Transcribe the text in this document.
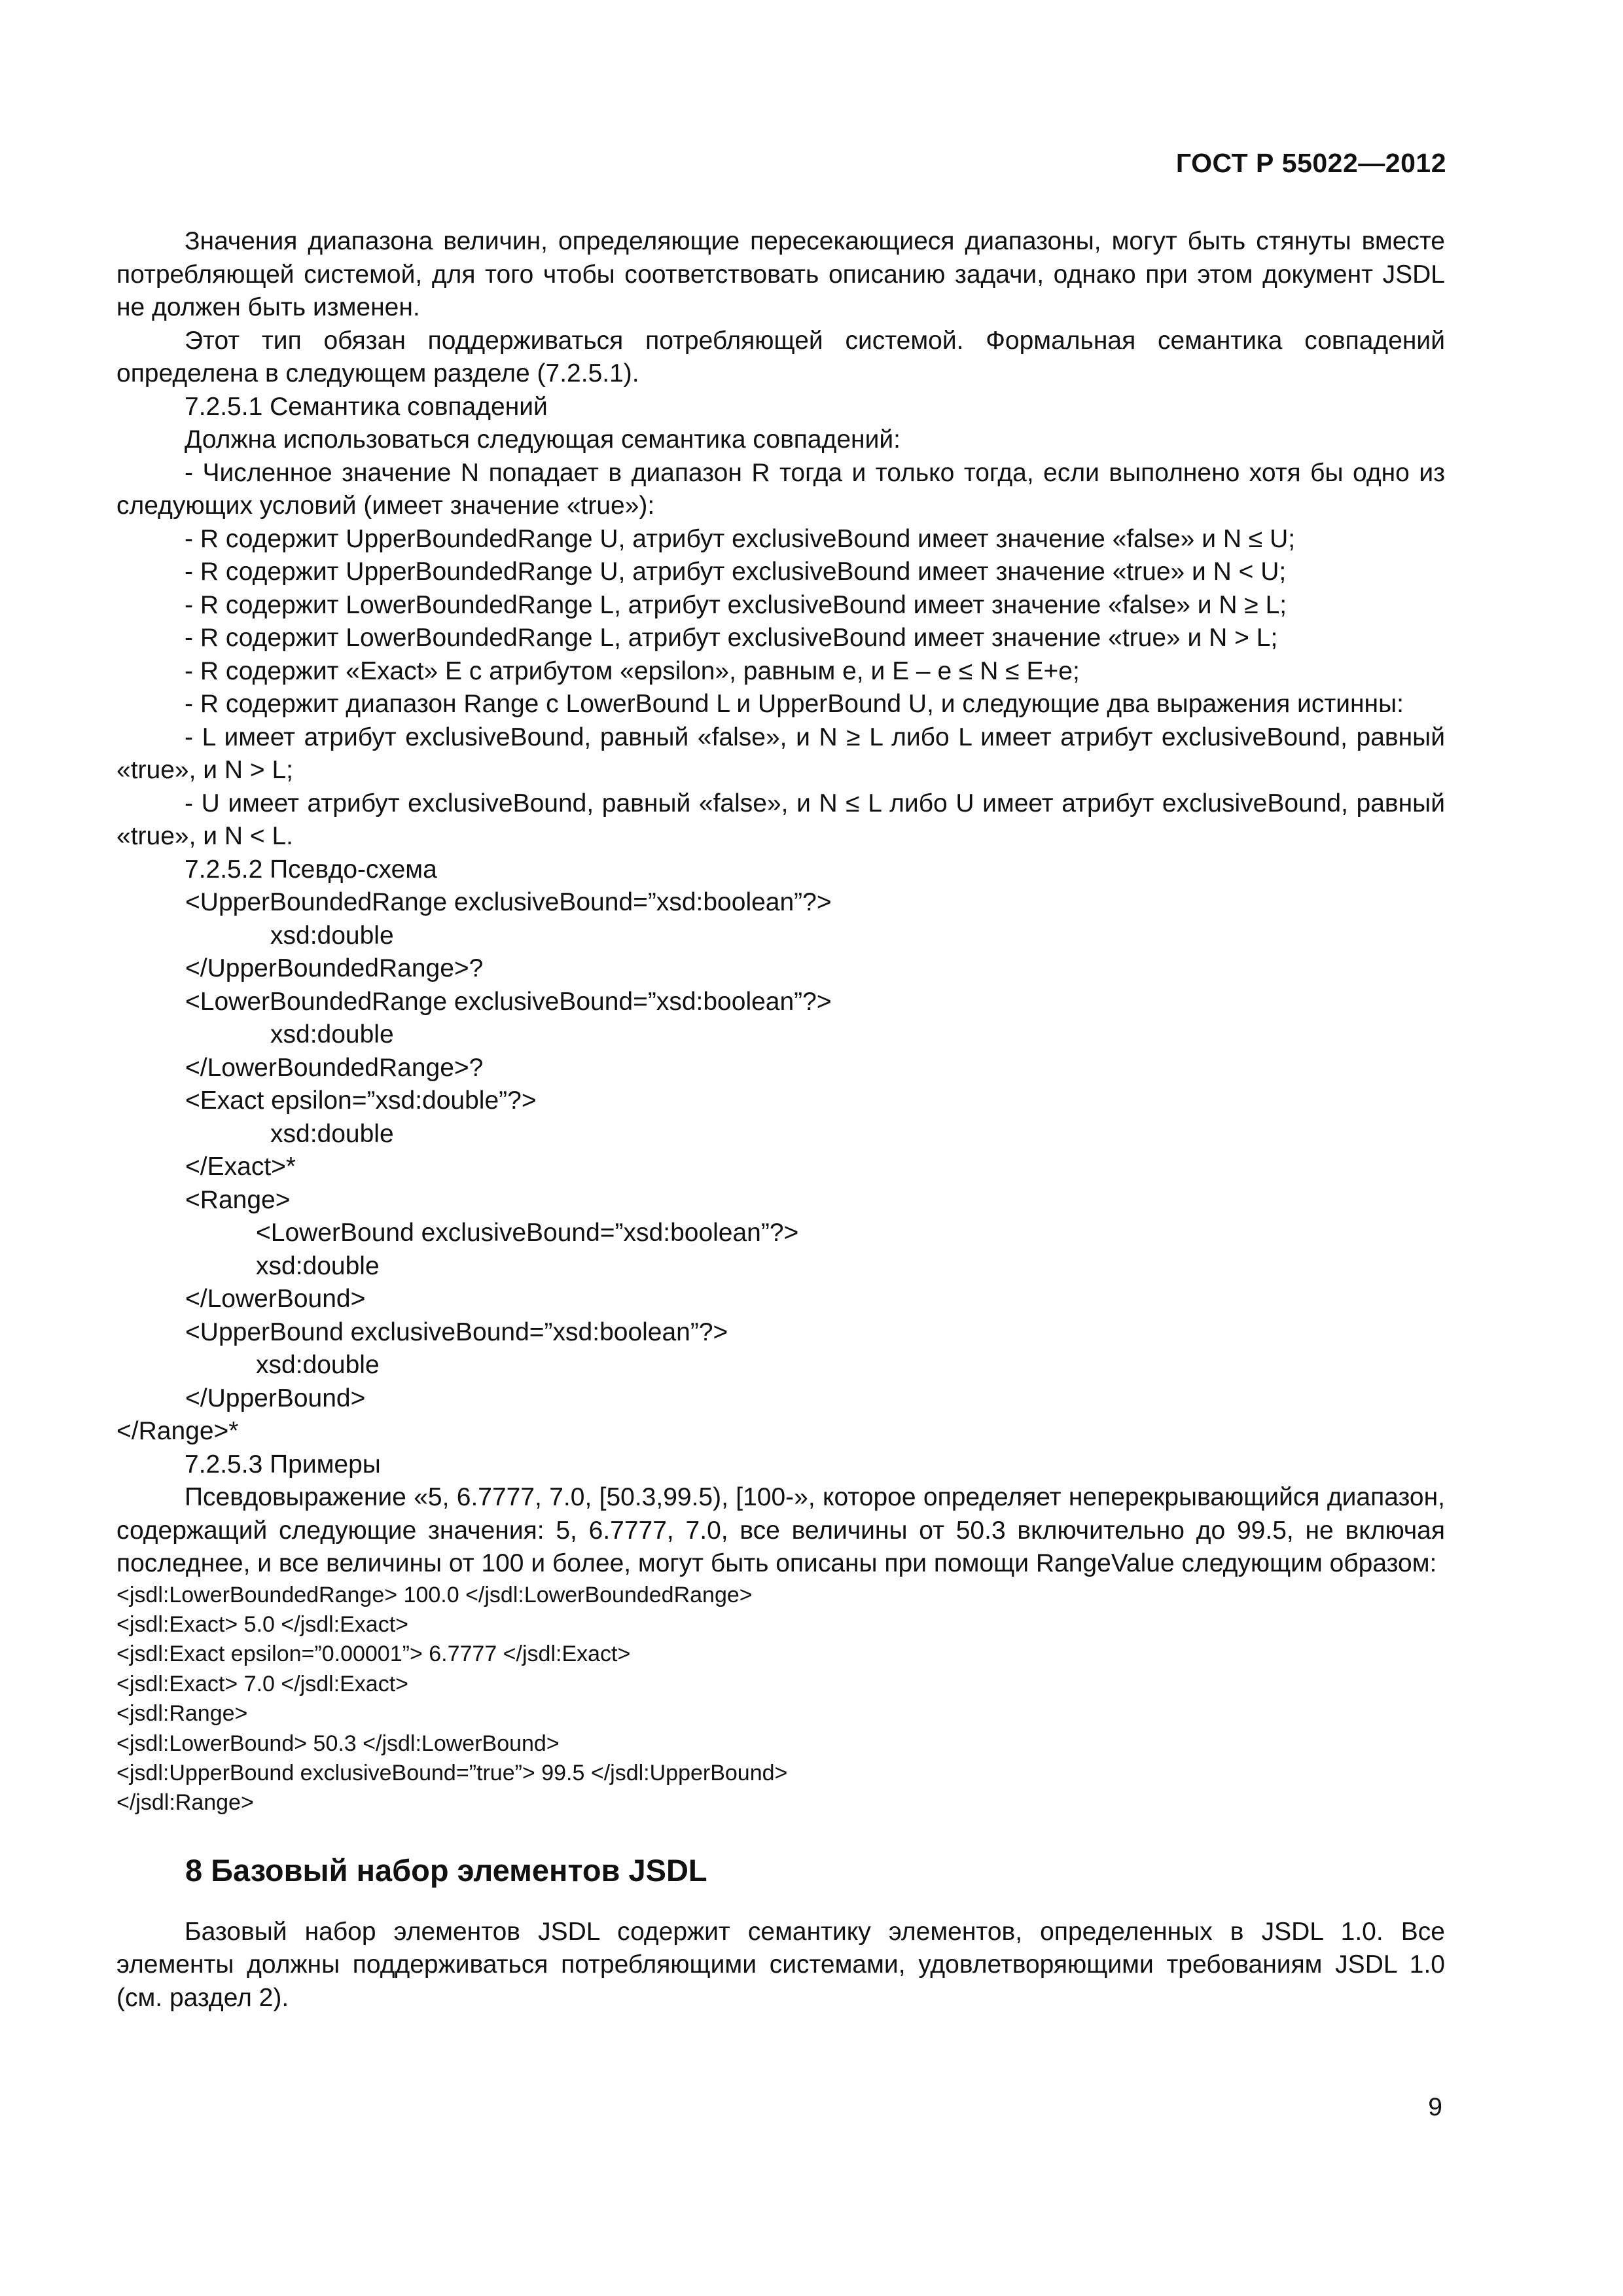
ГОСТ Р 55022—2012

Значения диапазона величин, определяющие пересекающиеся диапазоны, могут быть стянуты вместе потребляющей системой, для того чтобы соответствовать описанию задачи, однако при этом документ JSDL не должен быть изменен.

Этот тип обязан поддерживаться потребляющей системой. Формальная семантика совпадений определена в следующем разделе (7.2.5.1).

7.2.5.1 Семантика совпадений

Должна использоваться следующая семантика совпадений:

- Численное значение N попадает в диапазон R тогда и только тогда, если выполнено хотя бы одно из следующих условий (имеет значение «true»):

- R содержит UpperBoundedRange U, атрибут exclusiveBound имеет значение «false» и N ≤ U;

- R содержит UpperBoundedRange U, атрибут exclusiveBound имеет значение «true» и N < U;

- R содержит LowerBoundedRange L, атрибут exclusiveBound имеет значение «false» и N ≥ L;

- R содержит LowerBoundedRange L, атрибут exclusiveBound имеет значение «true» и N > L;

- R содержит «Exact» E с атрибутом «epsilon», равным e, и E – e ≤ N ≤ E+e;

- R содержит диапазон Range с LowerBound L и UpperBound U, и следующие два выражения истинны:

- L имеет атрибут exclusiveBound, равный «false», и N ≥ L либо L имеет атрибут exclusiveBound, равный «true», и N > L;

- U имеет атрибут exclusiveBound, равный «false», и N ≤ L либо U имеет атрибут exclusiveBound, равный «true», и N < L.

7.2.5.2 Псевдо-схема

<UpperBoundedRange exclusiveBound=”xsd:boolean”?>

xsd:double

</UpperBoundedRange>?

<LowerBoundedRange exclusiveBound=”xsd:boolean”?>

xsd:double

</LowerBoundedRange>?

<Exact epsilon=”xsd:double”?>

xsd:double

</Exact>*

<Range>

<LowerBound exclusiveBound=”xsd:boolean”?>

xsd:double

</LowerBound>

<UpperBound exclusiveBound=”xsd:boolean”?>

xsd:double

</UpperBound>

</Range>*

7.2.5.3 Примеры

Псевдовыражение «5, 6.7777, 7.0, [50.3,99.5), [100-», которое определяет неперекрывающийся диапазон, содержащий следующие значения: 5, 6.7777, 7.0, все величины от 50.3 включительно до 99.5, не включая последнее, и все величины от 100 и более, могут быть описаны при помощи RangeValue следующим образом:

<jsdl:LowerBoundedRange> 100.0 </jsdl:LowerBoundedRange>

<jsdl:Exact> 5.0 </jsdl:Exact>

<jsdl:Exact epsilon=”0.00001”> 6.7777 </jsdl:Exact>

<jsdl:Exact> 7.0 </jsdl:Exact>

<jsdl:Range>

<jsdl:LowerBound> 50.3 </jsdl:LowerBound>

<jsdl:UpperBound exclusiveBound=”true”> 99.5 </jsdl:UpperBound>

</jsdl:Range>

8 Базовый набор элементов JSDL

Базовый набор элементов JSDL содержит семантику элементов, определенных в JSDL 1.0. Все элементы должны поддерживаться потребляющими системами, удовлетворяющими требованиям JSDL 1.0 (см. раздел 2).

9
